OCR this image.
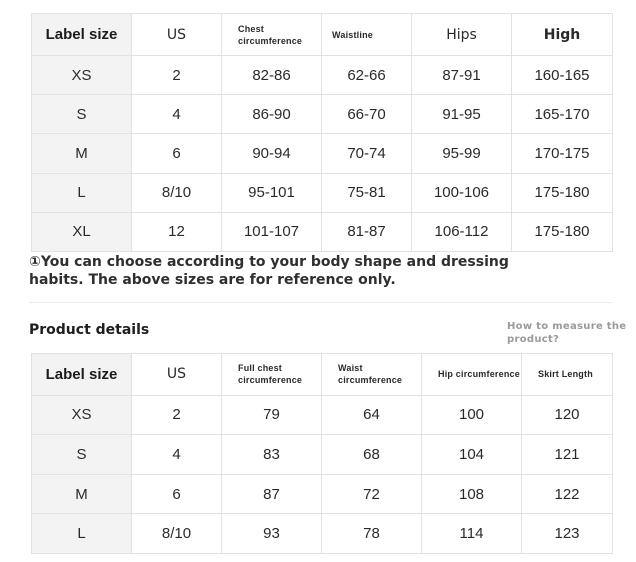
Label size	US	Chest circumference	Waistline	Hips	High
XS	2	82-86	62-66	87-91	160-165
S	4	86-90	66-70	91-95	165-170
M	6	90-94	70-74	95-99	170-175
L	8/10	95-101	75-81	100-106	175-180
XL	12	101-107	81-87	106-112	175-180
①You can choose according to your body shape and dressing
habits. The above sizes are for reference only.
Product details	How to measure the
product?
Label size	US	Full chest circumference	Waist circumference	Hip circumference	Skirt Length
XS	2	79	64	100	120
S	4	83	68	104	121
M	6	87	72	108	122
L	8/10	93	78	114	123
